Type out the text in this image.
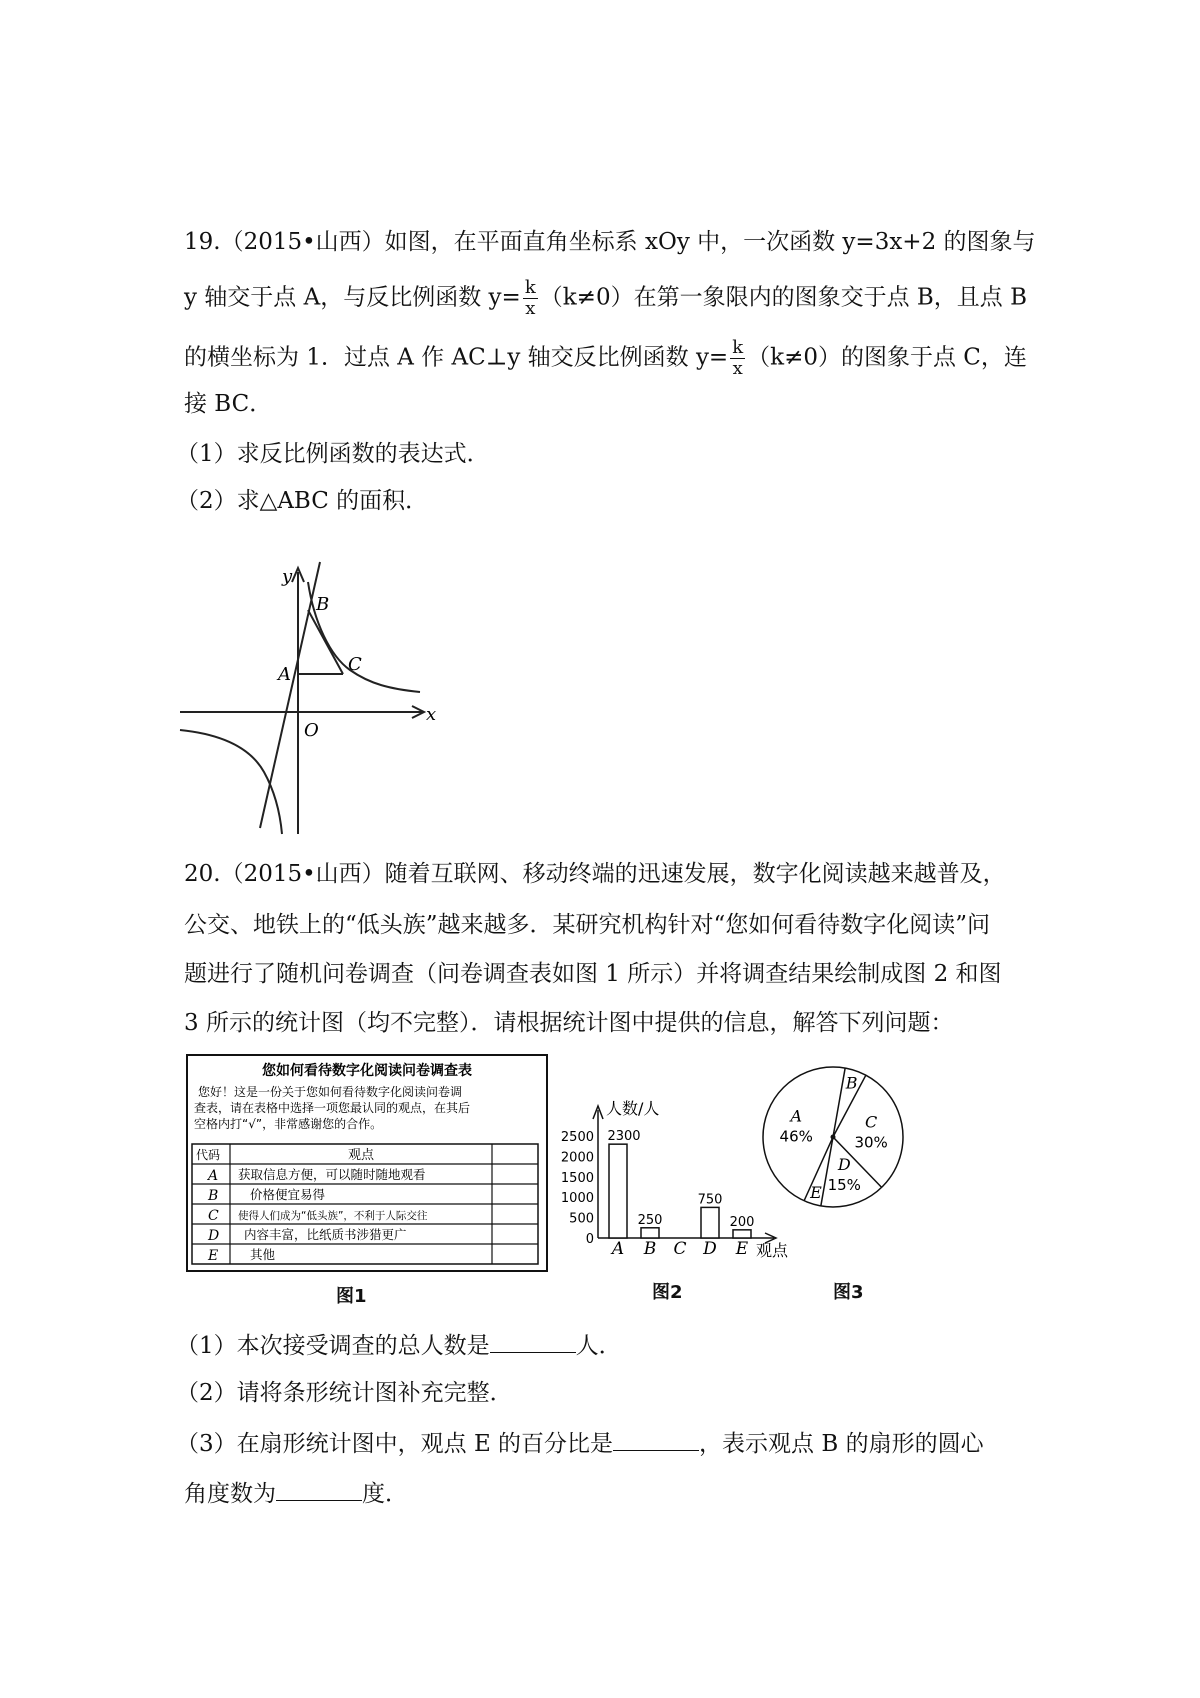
19.（2015•山西）如图，在平面直角坐标系 xOy 中，一次函数 y=3x+2 的图象与
y 轴交于点 A，与反比例函数 $y= \frac{k}{x} (k\ne 0)$在第一象限内的图象交于点 B，且点 B
的横坐标为 1．过点 A 作 AC⊥y 轴交反比例函数 $y= \frac{k}{x} (k\ne 0)$的图象于点 C，连
接 BC．
（1）求反比例函数的表达式．
（2）求△ABC 的面积．
y
x
O
A
B
C
20.（2015•山西）随着互联网、移动终端的迅速发展，数字化阅读越来越普及，
公交、地铁上的“低头族”越来越多．某研究机构针对“您如何看待数字化阅读”问
题进行了随机问卷调查（问卷调查表如图 1 所示）并将调查结果绘制成图 2 和图
3 所示的统计图（均不完整）．请根据统计图中提供的信息，解答下列问题：
您如何看待数字化阅读问卷调查表
您好！这是一份关于您如何看待数字化阅读问卷调
查表，请在表格中选择一项您最认同的观点，在其后
空格内打“√”，非常感谢您的合作。
代码	观点
A 获取信息方便，可以随时随地观看
B	价格便宜易得
C 使得人们成为“低头族”，不利于人际交往
D 内容丰富，比纸质书涉猎更广
E	其他
0
500
1000
1500
2000
2500
人数/人
观点
A
2300
B
250
C D
750
E
200
A
46%
B
C
30%
D
15%
E
图1	图2	图3
（1）本次接受调查的总人数是	人．
（2）请将条形统计图补充完整．
（3）在扇形统计图中，观点 E 的百分比是	，表示观点 B 的扇形的圆心
角度数为	度．
